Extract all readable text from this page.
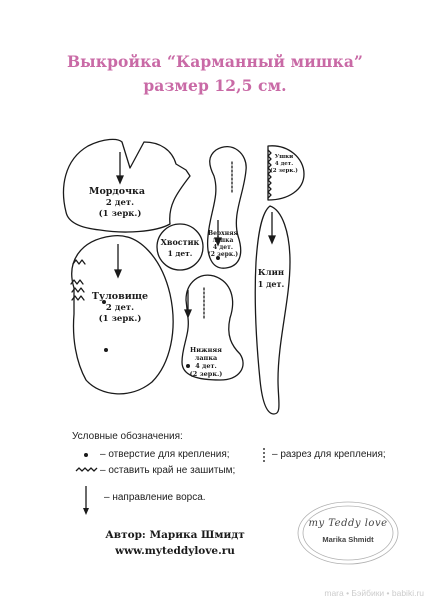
Выкройка “Карманный мишка”
размер 12,5 см.
Мордочка
2 дет.
(1 зерк.)
Туловище
2 дет.
(1 зерк.)
Хвостик
1 дет.
Верхняя
лапка
4 дет.
(2 зерк.)
Ушки
4 дет.
(2 зерк.)
Клин
1 дет.
Нижняя
лапка
4 дет.
(2 зерк.)
Условные обозначения:
– отверстие для крепления;
– оставить край не зашитым;
– разрез для крепления;
– направление ворса.
Автор: Марика Шмидт
www.myteddylove.ru
my Teddy love
Marika Shmidt
mara • Бэйбики • babiki.ru
